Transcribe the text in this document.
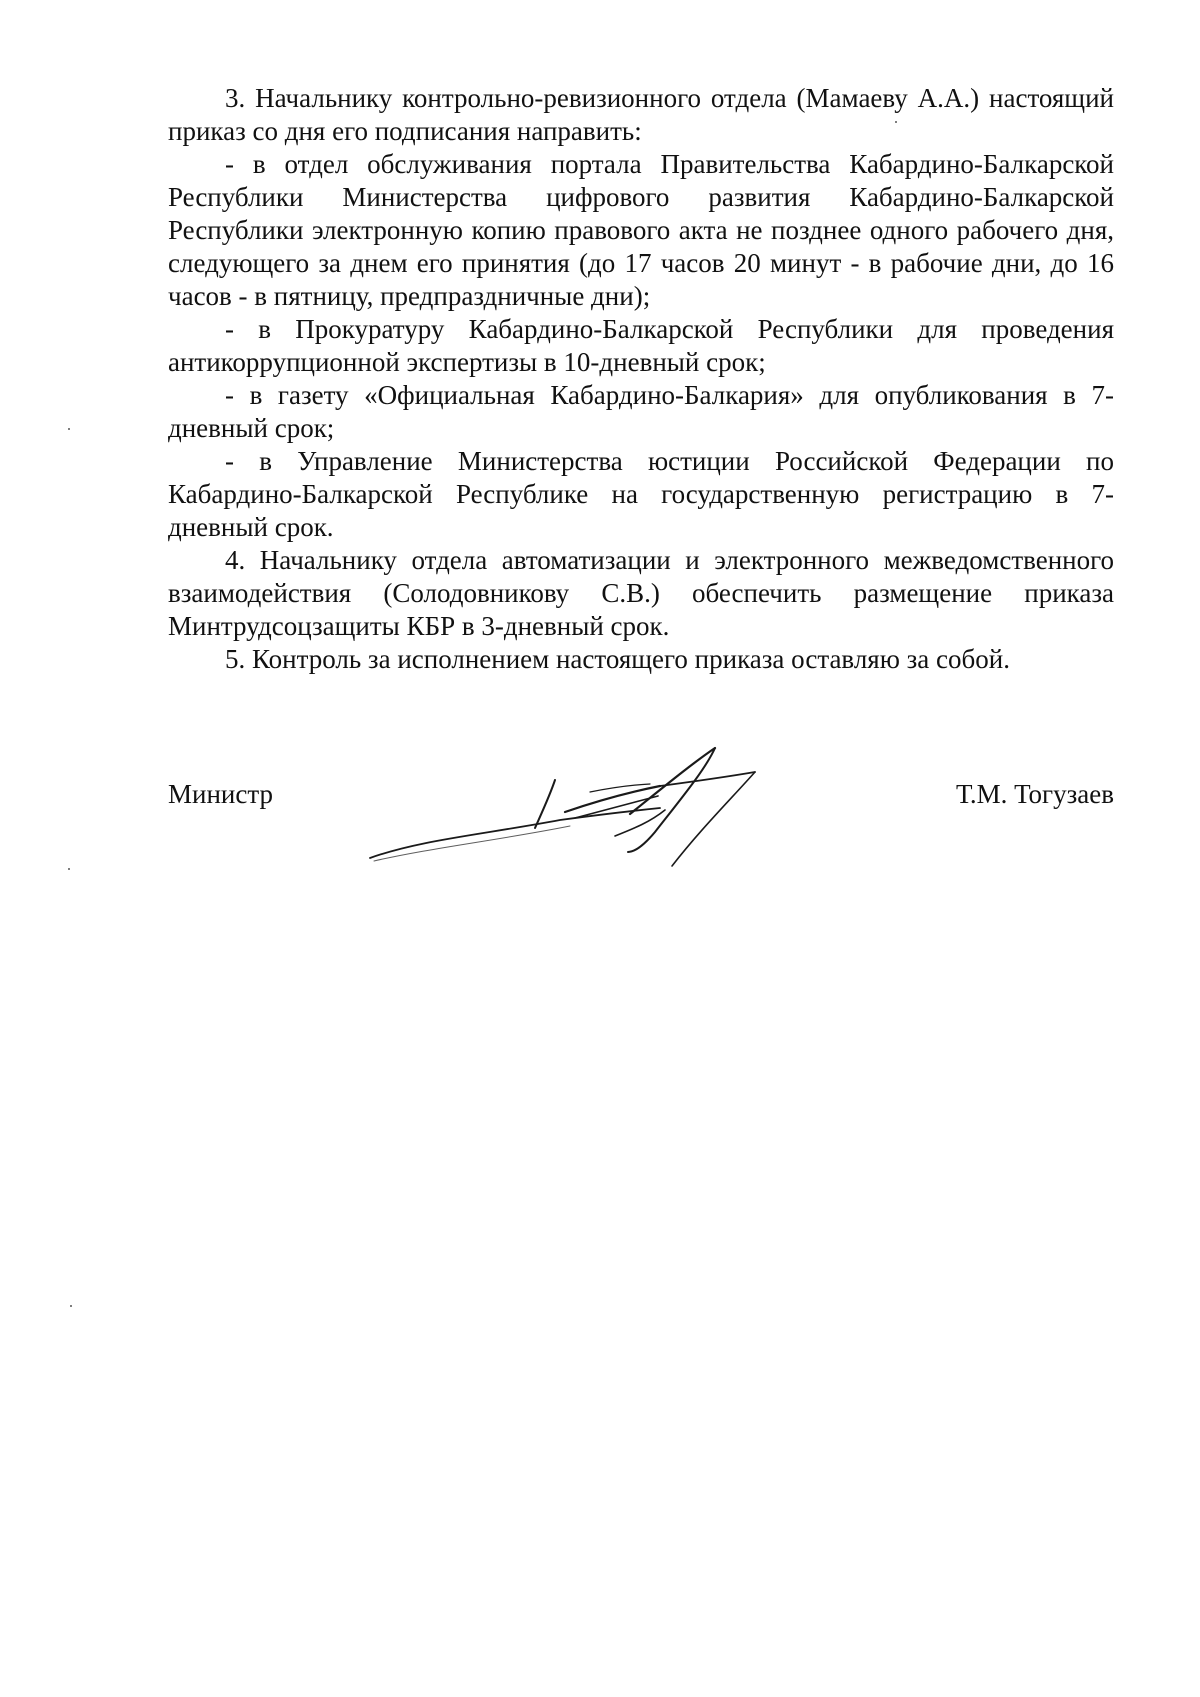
3. Начальнику контрольно-ревизионного отдела (Мамаеву А.А.) настоящий приказ со дня его подписания направить:

- в отдел обслуживания портала Правительства Кабардино-Балкарской Республики Министерства цифрового развития Кабардино-Балкарской Республики электронную копию правового акта не позднее одного рабочего дня, следующего за днем его принятия (до 17 часов 20 минут - в рабочие дни, до 16 часов - в пятницу, предпраздничные дни);

- в Прокуратуру Кабардино-Балкарской Республики для проведения антикоррупционной экспертизы в 10-дневный срок;

- в газету «Официальная Кабардино-Балкария» для опубликования в 7-дневный срок;

- в Управление Министерства юстиции Российской Федерации по Кабардино-Балкарской Республике на государственную регистрацию в 7-дневный срок.

4. Начальнику отдела автоматизации и электронного межведомственного взаимодействия (Солодовникову С.В.) обеспечить размещение приказа Минтрудсоцзащиты КБР в 3-дневный срок.

5. Контроль за исполнением настоящего приказа оставляю за собой.

Министр	Т.М. Тогузаев
